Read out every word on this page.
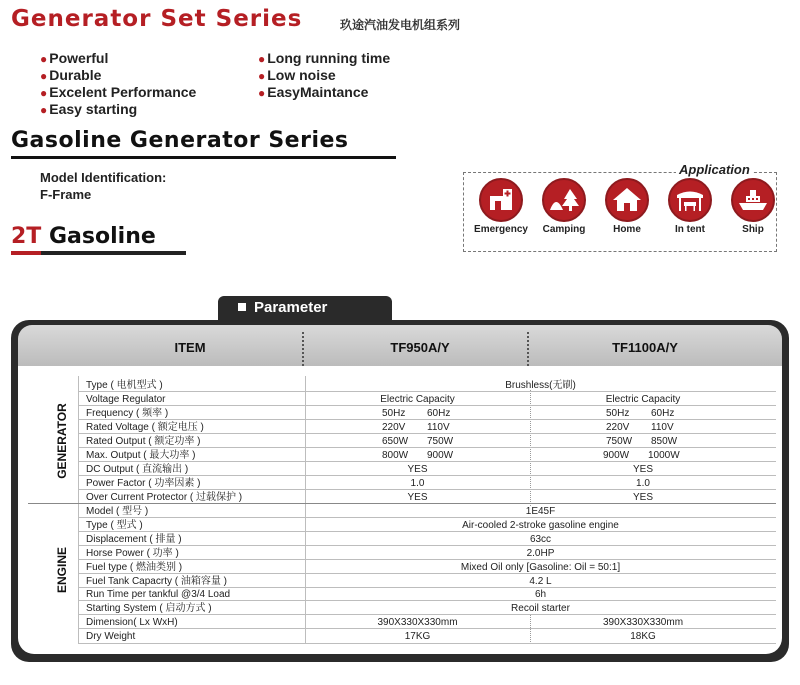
Generator Set Series	玖途汽油发电机组系列
● Powerful
● Durable
● Excelent Performance
● Easy starting
● Long running time
● Low noise
● EasyMaintance
Gasoline Generator Series
Model Identification:
F-Frame
2T Gasoline
Application
Emergency	Camping	Home	In tent	Ship
Parameter
ITEM	TF950A/Y	TF1100A/Y
GENERATOR
ENGINE
Type ( 电机型式 )	Brushless(无刷)
Voltage Regulator	Electric Capacity	Electric Capacity
Frequency ( 频率 )	50Hz 60Hz	50Hz 60Hz
Rated Voltage ( 额定电压 )	220V 110V	220V 110V
Rated Output ( 额定功率 )	650W 750W	750W 850W
Max. Output ( 最大功率 )	800W 900W	900W 1000W
DC Output ( 直流输出 )	YES	YES
Power Factor ( 功率因素 )	1.0	1.0
Over Current Protector ( 过载保护 )	YES	YES
Model ( 型号 )	1E45F
Type ( 型式 )	Air-cooled 2-stroke gasoline engine
Displacement ( 排量 )	63cc
Horse Power ( 功率 )	2.0HP
Fuel type ( 燃油类别 )	Mixed Oil only [Gasoline: Oil = 50:1]
Fuel Tank Capacrty ( 油箱容量 )	4.2 L
Run Time per tankful @3/4 Load	6h
Starting System ( 启动方式 )	Recoil starter
Dimension( Lx WxH)	390X330X330mm	390X330X330mm
Dry Weight	17KG	18KG
